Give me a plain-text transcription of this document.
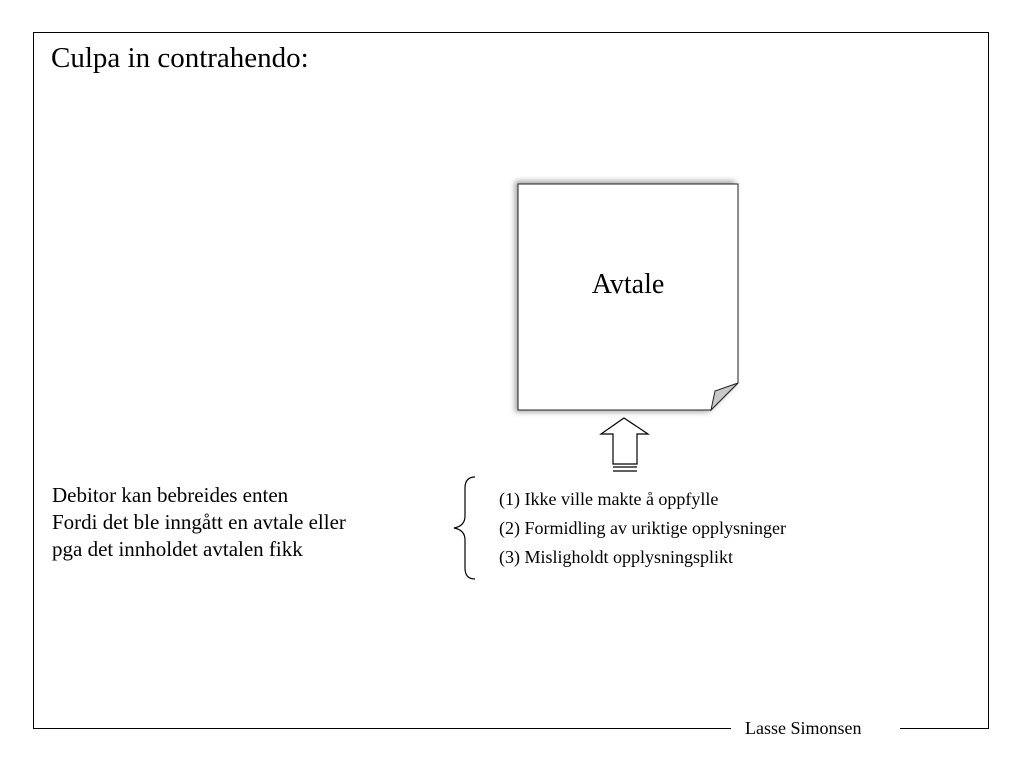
Lasse Simonsen
Culpa in contrahendo:
Avtale
Debitor kan bebreides enten
Fordi det ble inngått en avtale eller
pga det innholdet avtalen fikk
(1) Ikke ville makte å oppfylle
(2) Formidling av uriktige opplysninger
(3) Misligholdt opplysningsplikt
